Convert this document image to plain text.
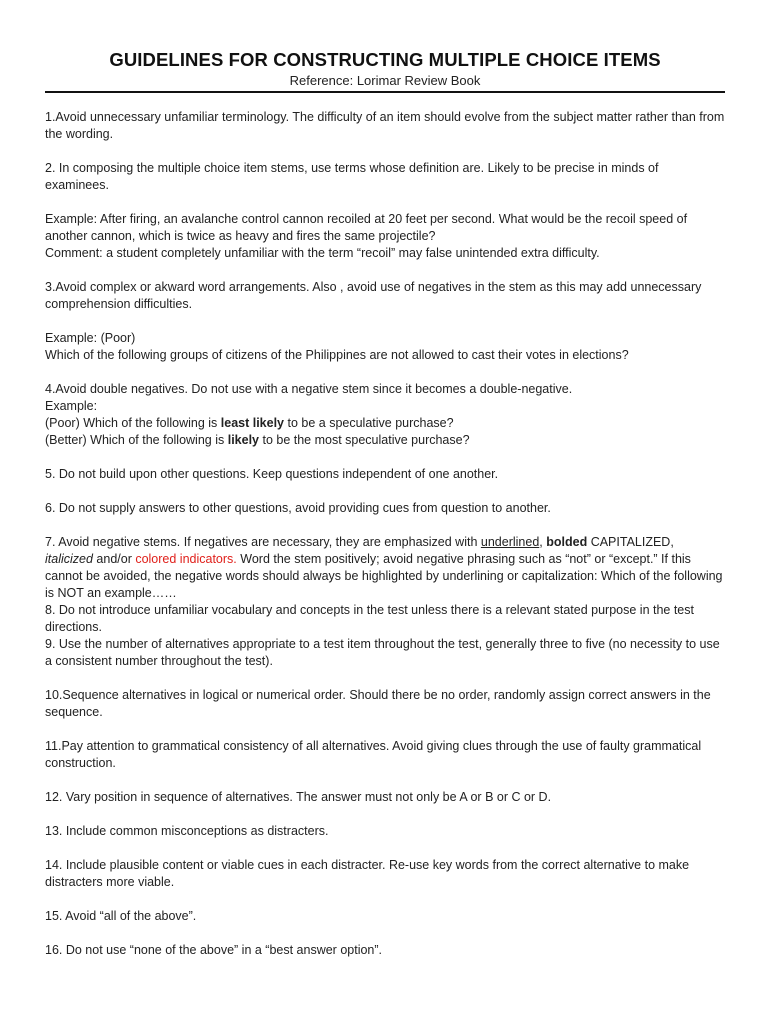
GUIDELINES FOR CONSTRUCTING MULTIPLE CHOICE ITEMS

Reference: Lorimar Review Book

1.Avoid unnecessary unfamiliar terminology. The difficulty of an item should evolve from the subject matter rather than from the wording.

2. In composing the multiple choice item stems, use terms whose definition are. Likely to be precise in minds of examinees.

Example: After firing, an avalanche control cannon recoiled at 20 feet per second. What would be the recoil speed of another cannon, which is twice as heavy and fires the same projectile?
Comment: a student completely unfamiliar with the term “recoil” may false unintended extra difficulty.

3.Avoid complex or akward word arrangements. Also , avoid use of negatives in the stem as this may add unnecessary comprehension difficulties.

Example: (Poor)
Which of the following groups of citizens of the Philippines are not allowed to cast their votes in elections?

4.Avoid double negatives. Do not use with a negative stem since it becomes a double-negative.
Example:
(Poor) Which of the following is least likely to be a speculative purchase?
(Better) Which of the following is likely to be the most speculative purchase?

5. Do not build upon other questions. Keep questions independent of one another.

6. Do not supply answers to other questions, avoid providing cues from question to another.

7. Avoid negative stems. If negatives are necessary, they are emphasized with underlined, bolded CAPITALIZED, italicized and/or colored indicators. Word the stem positively; avoid negative phrasing such as “not” or “except.” If this cannot be avoided, the negative words should always be highlighted by underlining or capitalization: Which of the following is NOT an example……
8. Do not introduce unfamiliar vocabulary and concepts in the test unless there is a relevant stated purpose in the test directions.
9. Use the number of alternatives appropriate to a test item throughout the test, generally three to five (no necessity to use a consistent number throughout the test).

10.Sequence alternatives in logical or numerical order. Should there be no order, randomly assign correct answers in the sequence.

11.Pay attention to grammatical consistency of all alternatives. Avoid giving clues through the use of faulty grammatical construction.

12. Vary position in sequence of alternatives. The answer must not only be A or B or C or D.

13. Include common misconceptions as distracters.

14. Include plausible content or viable cues in each distracter. Re-use key words from the correct alternative to make distracters more viable.

15. Avoid “all of the above”.

16. Do not use “none of the above” in a “best answer option”.
